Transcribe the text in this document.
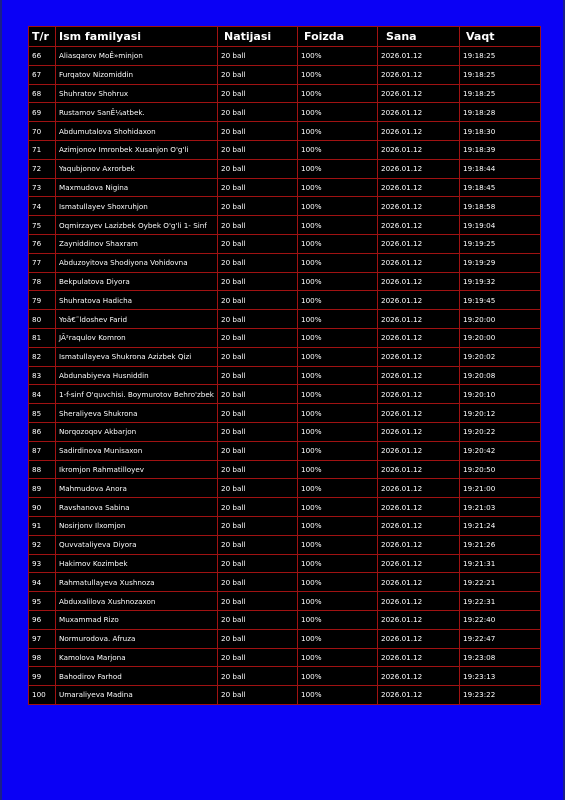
T/r	Ism familyasi	Natijasi	Foizda	Sana	Vaqt
66	Aliasqarov MoÊ»minjon	20 ball	100%	2026.01.12	19:18:25
67	Furqatov Nizomiddin	20 ball	100%	2026.01.12	19:18:25
68	Shuhratov Shohrux	20 ball	100%	2026.01.12	19:18:25
69	Rustamov SanÊ¼atbek.	20 ball	100%	2026.01.12	19:18:28
70	Abdumutalova Shohidaxon	20 ball	100%	2026.01.12	19:18:30
71	Azimjonov Imronbek Xusanjon O'g'li	20 ball	100%	2026.01.12	19:18:39
72	Yaqubjonov Axrorbek	20 ball	100%	2026.01.12	19:18:44
73	Maxmudova Nigina	20 ball	100%	2026.01.12	19:18:45
74	Ismatullayev Shoxruhjon	20 ball	100%	2026.01.12	19:18:58
75	Oqmirzayev Lazizbek Oybek O'g'li 1- Sinf	20 ball	100%	2026.01.12	19:19:04
76	Zayniddinov Shaxram	20 ball	100%	2026.01.12	19:19:25
77	Abduzoyitova Shodiyona Vohidovna	20 ball	100%	2026.01.12	19:19:29
78	Bekpulatova Diyora	20 ball	100%	2026.01.12	19:19:32
79	Shuhratova Hadicha	20 ball	100%	2026.01.12	19:19:45
80	Yoâ€˜ldoshev Farid	20 ball	100%	2026.01.12	19:20:00
81	JÃ²raqulov Komron	20 ball	100%	2026.01.12	19:20:00
82	Ismatullayeva Shukrona Azizbek Qizi	20 ball	100%	2026.01.12	19:20:02
83	Abdunabiyeva Husniddin	20 ball	100%	2026.01.12	19:20:08
84	1-f-sinf O'quvchisi. Boymurotov Behro'zbek	20 ball	100%	2026.01.12	19:20:10
85	Sheraliyeva Shukrona	20 ball	100%	2026.01.12	19:20:12
86	Norqozoqov Akbarjon	20 ball	100%	2026.01.12	19:20:22
87	Sadirdinova Munisaxon	20 ball	100%	2026.01.12	19:20:42
88	Ikromjon Rahmatilloyev	20 ball	100%	2026.01.12	19:20:50
89	Mahmudova Anora	20 ball	100%	2026.01.12	19:21:00
90	Ravshanova Sabina	20 ball	100%	2026.01.12	19:21:03
91	Nosirjonv Ilxomjon	20 ball	100%	2026.01.12	19:21:24
92	Quvvataliyeva Diyora	20 ball	100%	2026.01.12	19:21:26
93	Hakimov Kozimbek	20 ball	100%	2026.01.12	19:21:31
94	Rahmatullayeva Xushnoza	20 ball	100%	2026.01.12	19:22:21
95	Abduxalilova Xushnozaxon	20 ball	100%	2026.01.12	19:22:31
96	Muxammad Rizo	20 ball	100%	2026.01.12	19:22:40
97	Normurodova. Afruza	20 ball	100%	2026.01.12	19:22:47
98	Kamolova Marjona	20 ball	100%	2026.01.12	19:23:08
99	Bahodirov Farhod	20 ball	100%	2026.01.12	19:23:13
100	Umaraliyeva Madina	20 ball	100%	2026.01.12	19:23:22
